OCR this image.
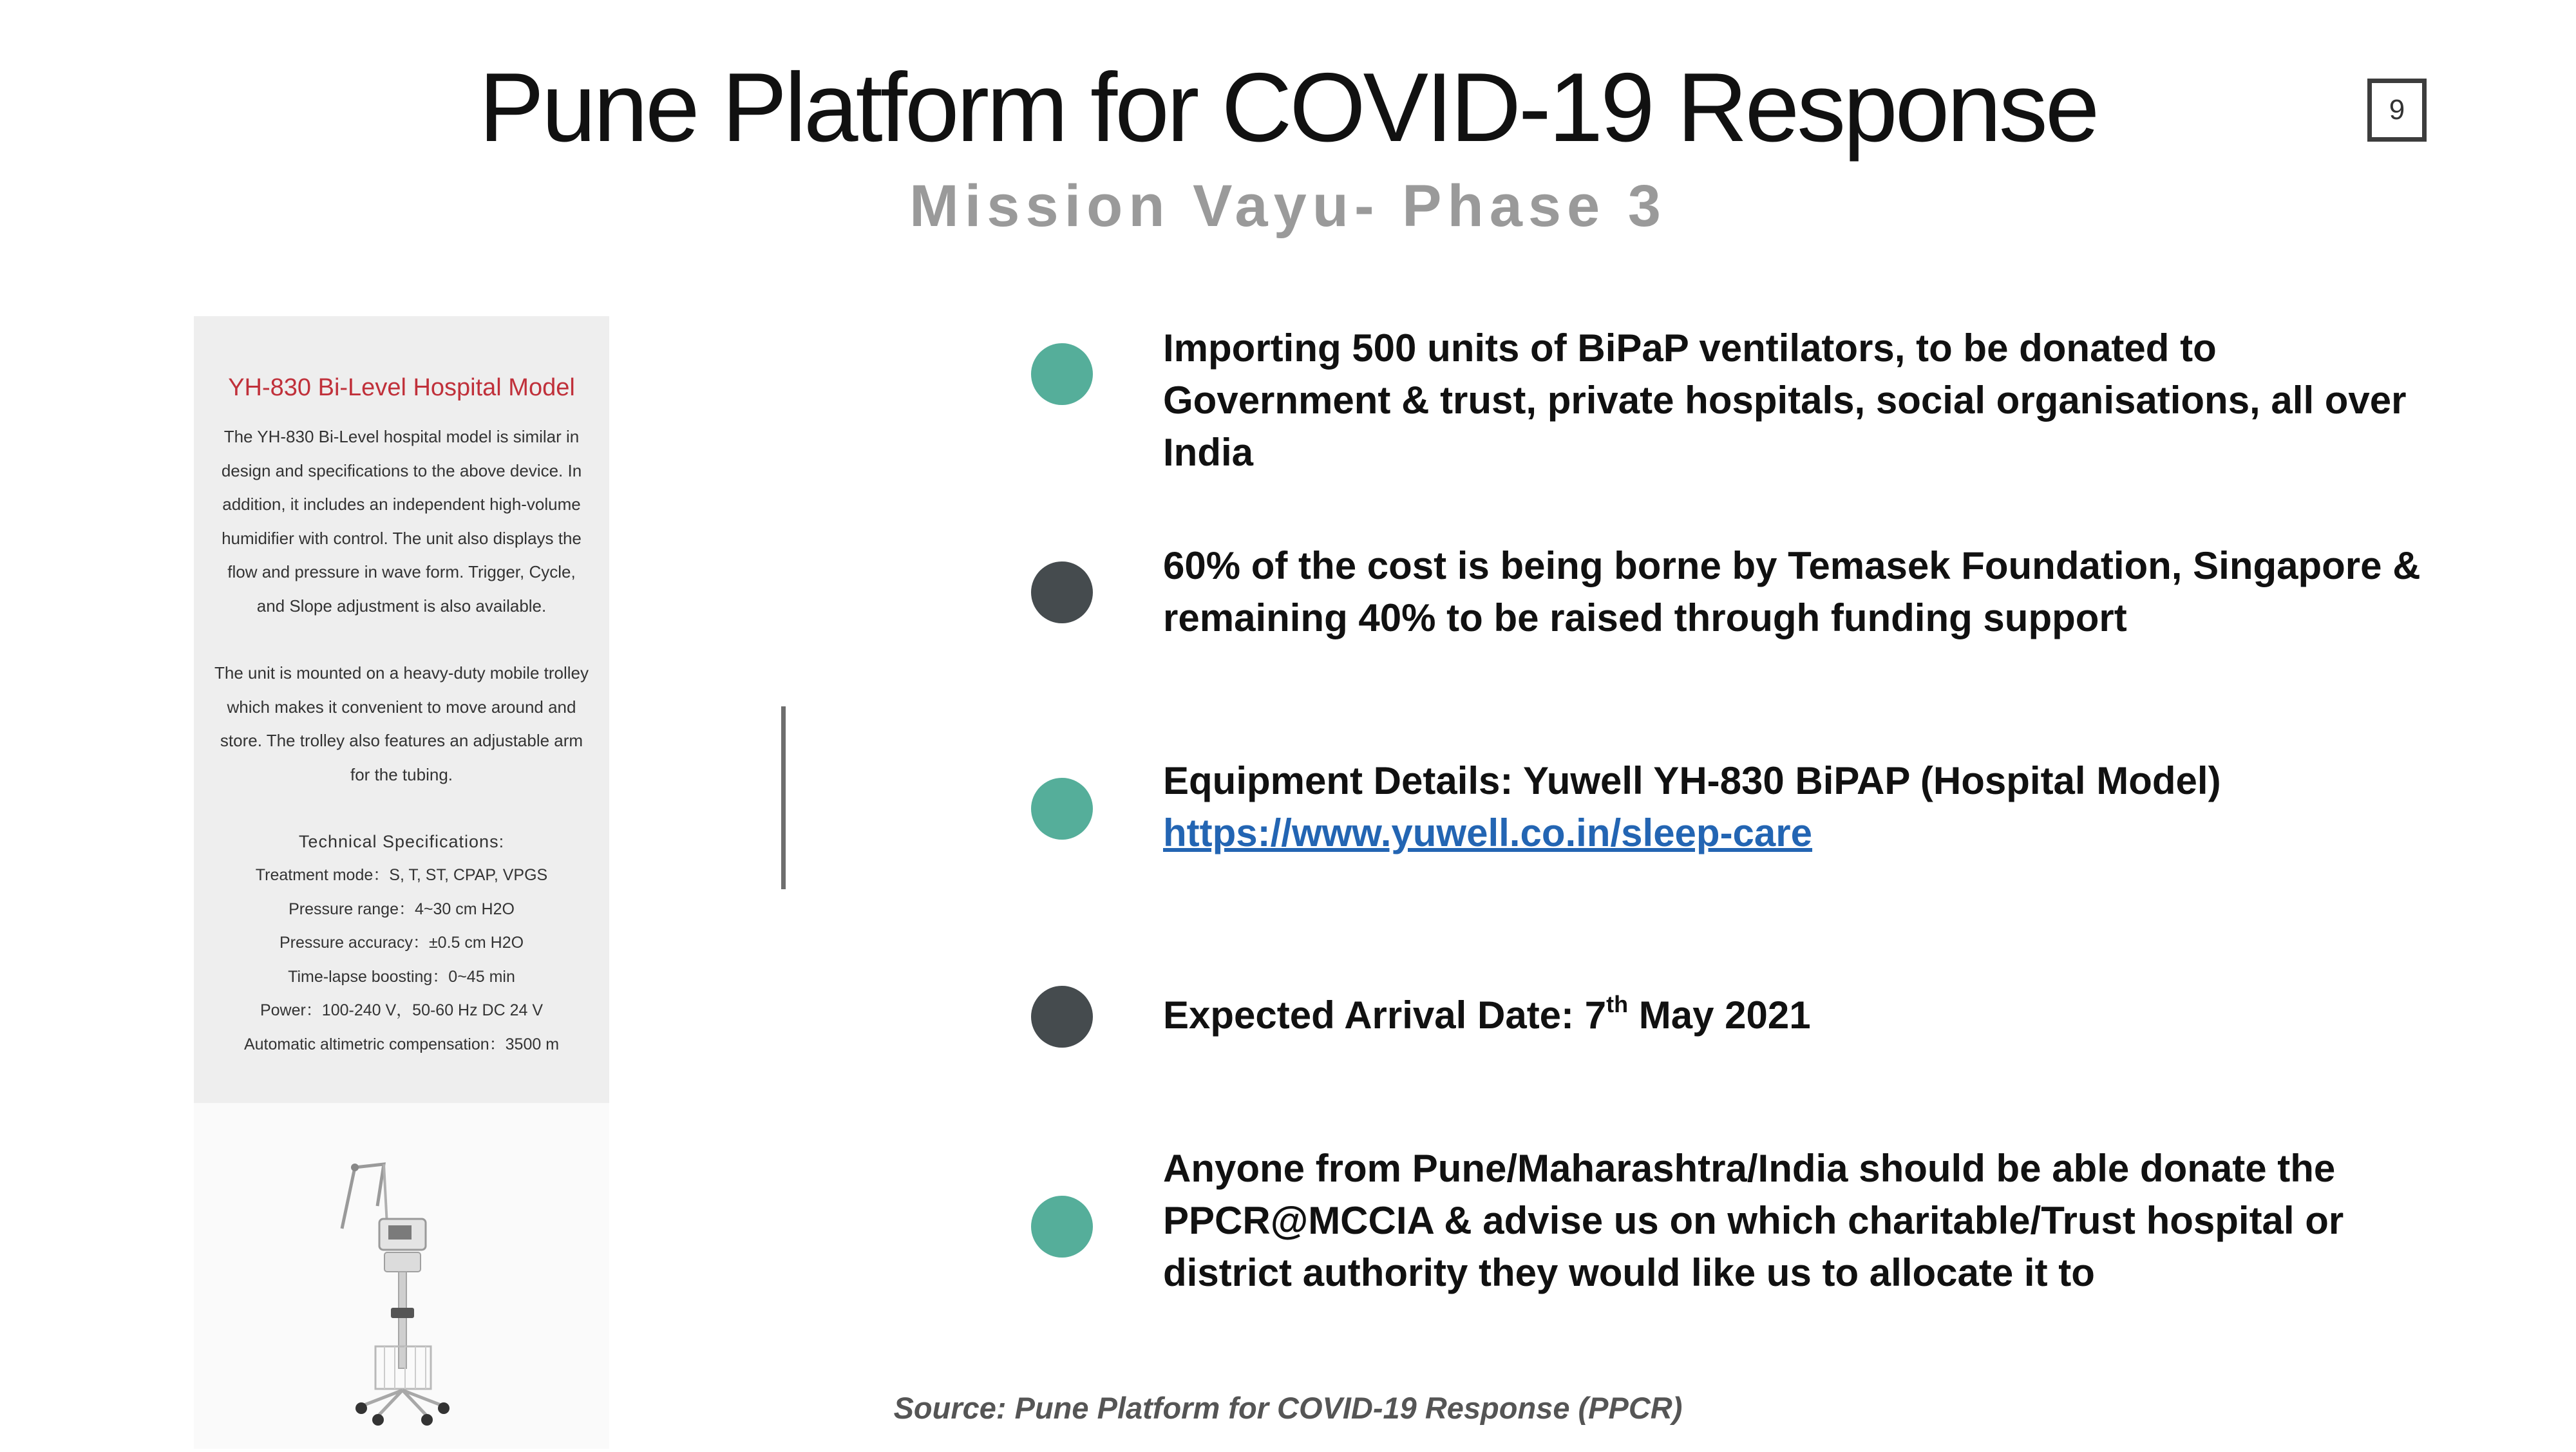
Pune Platform for COVID-19 Response
Mission Vayu- Phase 3
9
YH-830 Bi-Level Hospital Model

The YH-830 Bi-Level hospital model is similar in design and specifications to the above device. In addition, it includes an independent high-volume humidifier with control. The unit also displays the flow and pressure in wave form. Trigger, Cycle, and Slope adjustment is also available.

The unit is mounted on a heavy-duty mobile trolley which makes it convenient to move around and store. The trolley also features an adjustable arm for the tubing.

Technical Specifications:
Treatment mode：S, T, ST, CPAP, VPGS
Pressure range：4~30 cm H2O
Pressure accuracy：±0.5 cm H2O
Time-lapse boosting：0~45 min
Power：100-240 V，50-60 Hz DC 24 V
Automatic altimetric compensation：3500 m
Importing 500 units of BiPaP ventilators, to be donated to Government & trust, private hospitals, social organisations, all over India
60% of the cost is being borne by Temasek Foundation, Singapore & remaining 40% to be raised through funding support
Equipment Details: Yuwell YH-830 BiPAP (Hospital Model)
https://www.yuwell.co.in/sleep-care
Expected Arrival Date: 7th May 2021
Anyone from Pune/Maharashtra/India should be able donate the PPCR@MCCIA & advise us on which charitable/Trust hospital or district authority they would like us to allocate it to
Source: Pune Platform for COVID-19 Response (PPCR)
